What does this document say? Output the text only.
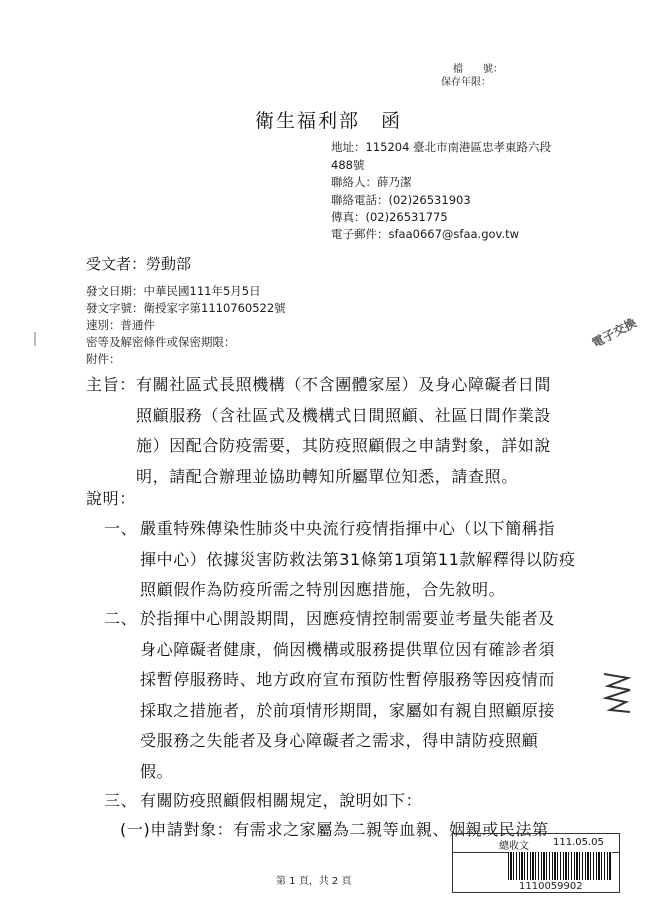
檔　　號：
保存年限：
衛生福利部　函
地址：115204 臺北市南港區忠孝東路六段
488號
聯絡人：薛乃潔
聯絡電話：(02)26531903
傳真：(02)26531775
電子郵件：sfaa0667@sfaa.gov.tw
受文者：勞動部
發文日期：中華民國111年5月5日
發文字號：衛授家字第1110760522號
速別：普通件
密等及解密條件或保密期限：
附件：
主旨： 有關社區式長照機構（不含團體家屋）及身心障礙者日間
照顧服務（含社區式及機構式日間照顧、社區日間作業設
施）因配合防疫需要，其防疫照顧假之申請對象，詳如說
明，請配合辦理並協助轉知所屬單位知悉，請查照。
說明：
一、 嚴重特殊傳染性肺炎中央流行疫情指揮中心（以下簡稱指
揮中心）依據災害防救法第31條第1項第11款解釋得以防疫
照顧假作為防疫所需之特別因應措施，合先敘明。
二、 於指揮中心開設期間，因應疫情控制需要並考量失能者及
身心障礙者健康，倘因機構或服務提供單位因有確診者須
採暫停服務時、地方政府宣布預防性暫停服務等因疫情而
採取之措施者，於前項情形期間，家屬如有親自照顧原接
受服務之失能者及身心障礙者之需求，得申請防疫照顧
假。
三、 有關防疫照顧假相關規定，說明如下：
(一)申請對象：有需求之家屬為二親等血親、姻親或民法第
第 1 頁，共 2 頁
總收文 111.05.05
1110059902
電子交換
